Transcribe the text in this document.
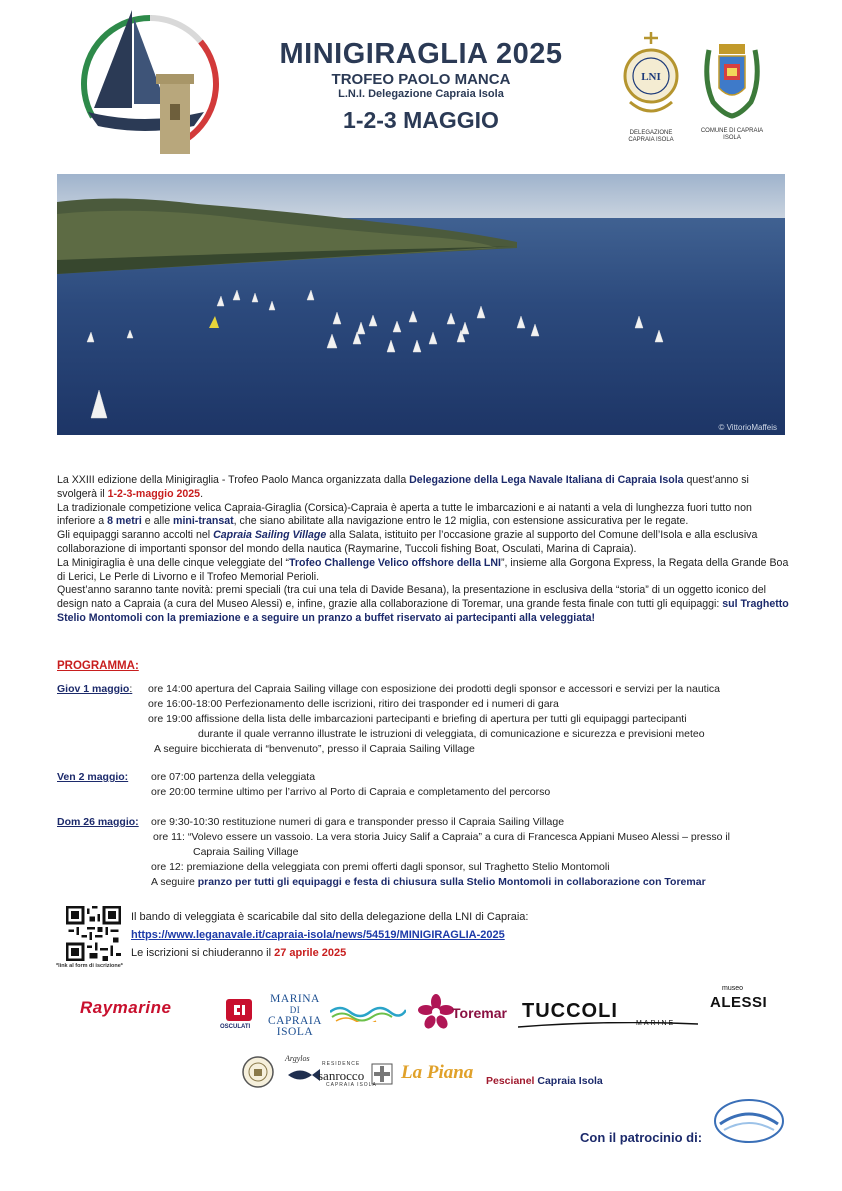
MINIGIRAGLIA 2025
TROFEO PAOLO MANCA
L.N.I. Delegazione Capraia Isola
1-2-3 MAGGIO
LNI
DELEGAZIONE CAPRAIA ISOLA
COMUNE DI CAPRAIA ISOLA
© VittorioMaffeis

La XXIII edizione della Minigiraglia - Trofeo Paolo Manca organizzata dalla Delegazione della Lega Navale Italiana di Capraia Isola quest’anno si svolgerà il 1-2-3-maggio 2025.

La tradizionale competizione velica Capraia-Giraglia (Corsica)-Capraia è aperta a tutte le imbarcazioni e ai natanti a vela di lunghezza fuori tutto non inferiore a 8 metri e alle mini-transat, che siano abilitate alla navigazione entro le 12 miglia, con estensione assicurativa per le regate.

Gli equipaggi saranno accolti nel Capraia Sailing Village alla Salata, istituito per l’occasione grazie al supporto del Comune dell’Isola e alla esclusiva collaborazione di importanti sponsor del mondo della nautica (Raymarine, Tuccoli fishing Boat, Osculati, Marina di Capraia).

La Minigiraglia è una delle cinque veleggiate del “Trofeo Challenge Velico offshore della LNI”, insieme alla Gorgona Express, la Regata della Grande Boa di Lerici, Le Perle di Livorno e il Trofeo Memorial Perioli.

Quest’anno saranno tante novità: premi speciali (tra cui una tela di Davide Besana), la presentazione in esclusiva della “storia” di un oggetto iconico del design nato a Capraia (a cura del Museo Alessi) e, infine, grazie alla collaborazione di Toremar, una grande festa finale con tutti gli equipaggi: sul Traghetto Stelio Montomoli con la premiazione e a seguire un pranzo a buffet riservato ai partecipanti alla veleggiata!

PROGRAMMA:
Giov 1 maggio: ore 14:00 apertura del Capraia Sailing village con esposizione dei prodotti degli sponsor e accessori e servizi per la nautica
ore 16:00-18:00 Perfezionamento delle iscrizioni, ritiro dei trasponder ed i numeri di gara
ore 19:00 affissione della lista delle imbarcazioni partecipanti e briefing di apertura per tutti gli equipaggi partecipanti
durante il quale verranno illustrate le istruzioni di veleggiata, di comunicazione e sicurezza e previsioni meteo
A seguire bicchierata di “benvenuto”, presso il Capraia Sailing Village
Ven 2 maggio: ore 07:00 partenza della veleggiata
ore 20:00 termine ultimo per l’arrivo al Porto di Capraia e completamento del percorso
Dom 26 maggio: ore 9:30-10:30 restituzione numeri di gara e transponder presso il Capraia Sailing Village
ore 11: “Volevo essere un vassoio. La vera storia Juicy Salif a Capraia” a cura di Francesca Appiani Museo Alessi – presso il
Capraia Sailing Village
ore 12: premiazione della veleggiata con premi offerti dagli sponsor, sul Traghetto Stelio Montomoli
A seguire pranzo per tutti gli equipaggi e festa di chiusura sulla Stelio Montomoli in collaborazione con Toremar
*link al form di iscrizione*
Il bando di veleggiata è scaricabile dal sito della delegazione della LNI di Capraia:
https://www.leganavale.it/capraia-isola/news/54519/MINIGIRAGLIA-2025
Le iscrizioni si chiuderanno il 27 aprile 2025
Raymarine
OSCULATI
MARINA
DI
CAPRAIA
ISOLA
Toremar TUCCOLI
MARINE
museo
ALESSI
Argylos
RESIDENCE
sanrocco
CAPRAIA ISOLA
La Piana Pescianel Capraia Isola
Con il patrocinio di:
